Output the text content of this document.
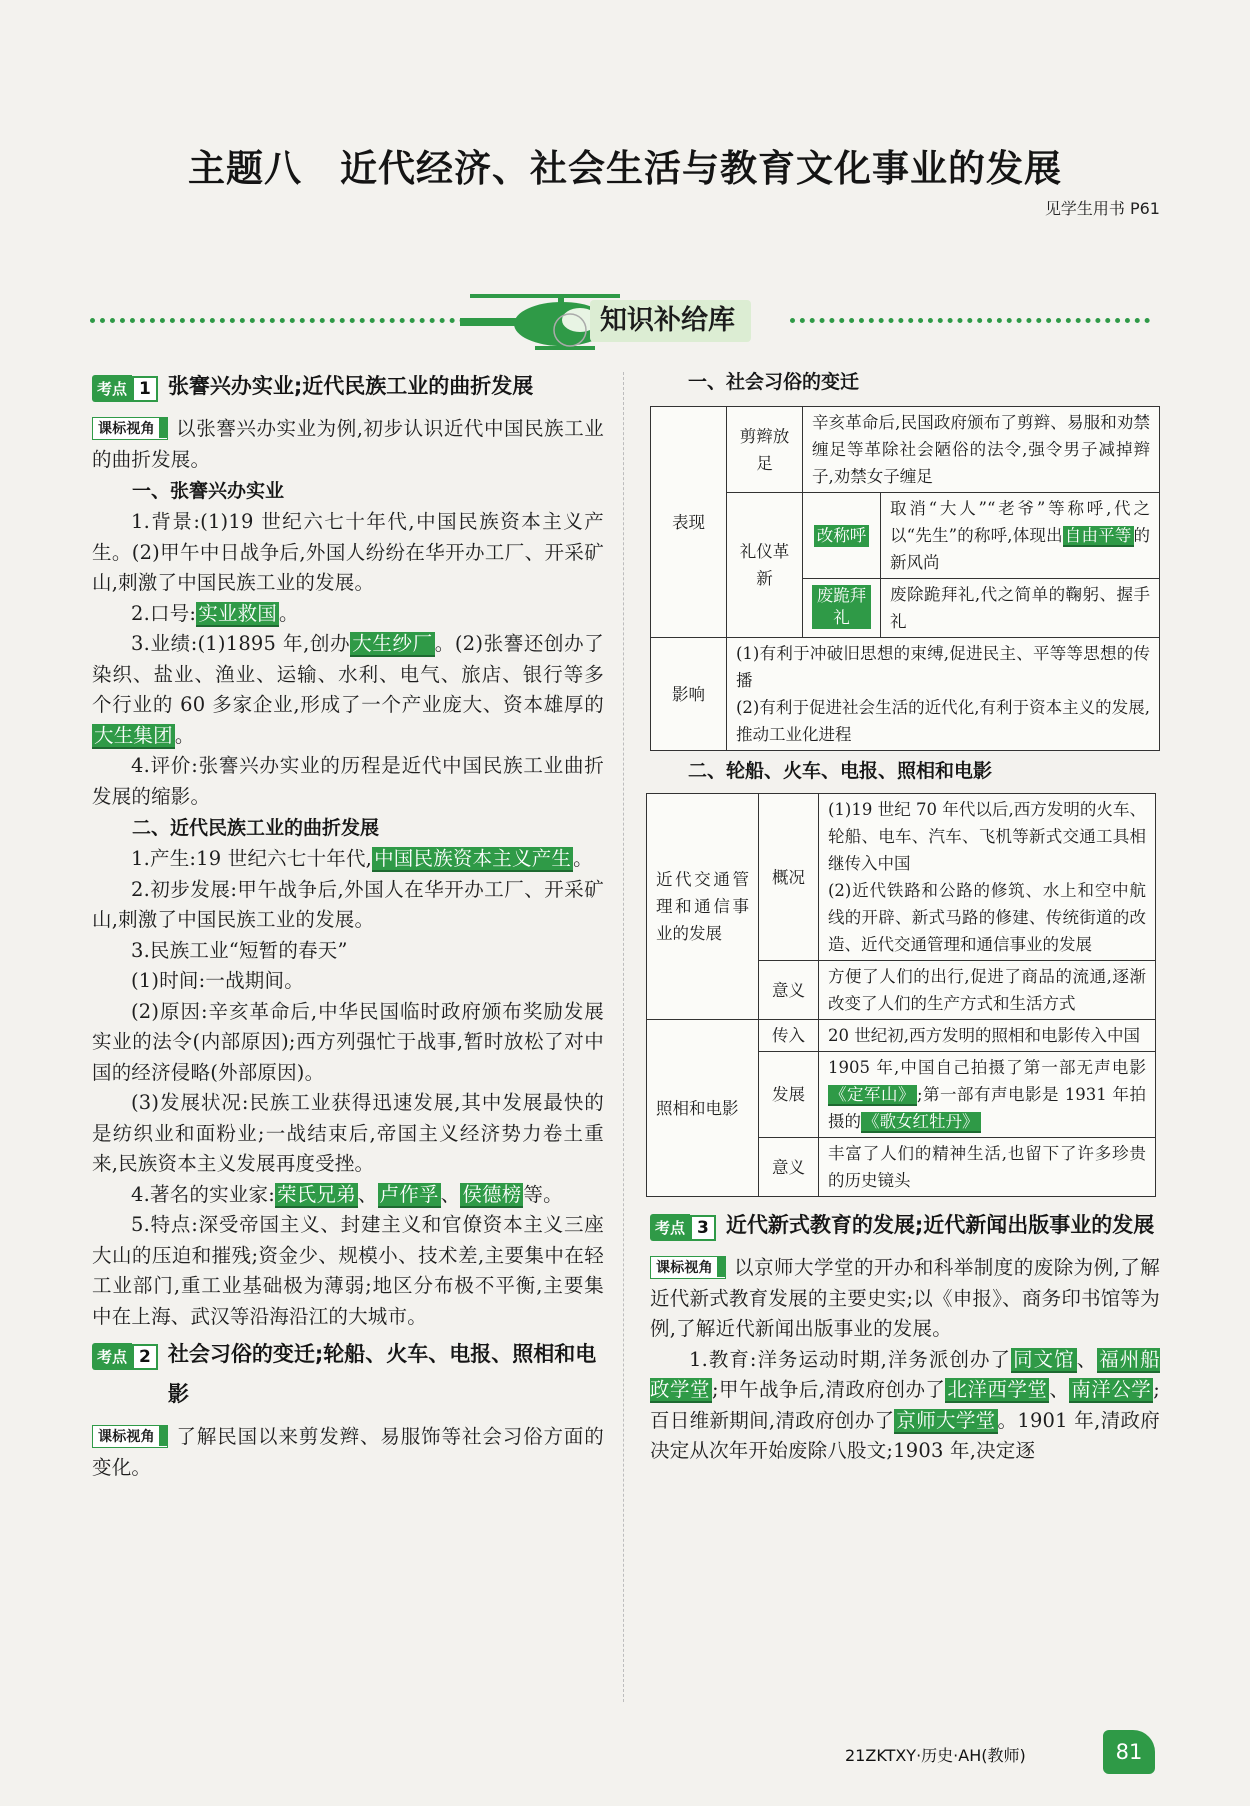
主题八　近代经济、社会生活与教育文化事业的发展
见学生用书 P61
知识补给库
考点 1 张謇兴办实业;近代民族工业的曲折发展

课标视角 以张謇兴办实业为例,初步认识近代中国民族工业的曲折发展。

一、张謇兴办实业

1.背景:(1)19 世纪六七十年代,中国民族资本主义产生。(2)甲午中日战争后,外国人纷纷在华开办工厂、开采矿山,刺激了中国民族工业的发展。

2.口号: 实业救国 。

3.业绩:(1)1895 年,创办 大生纱厂 。(2)张謇还创办了染织、盐业、渔业、运输、水利、电气、旅店、银行等多个行业的 60 多家企业,形成了一个产业庞大、资本雄厚的大生集团 。

4.评价:张謇兴办实业的历程是近代中国民族工业曲折发展的缩影。

二、近代民族工业的曲折发展

1.产生:19 世纪六七十年代, 中国民族资本主义产生 。

2.初步发展:甲午战争后,外国人在华开办工厂、开采矿山,刺激了中国民族工业的发展。

3.民族工业“短暂的春天”

(1)时间:一战期间。

(2)原因:辛亥革命后,中华民国临时政府颁布奖励发展实业的法令(内部原因);西方列强忙于战事,暂时放松了对中国的经济侵略(外部原因)。

(3)发展状况:民族工业获得迅速发展,其中发展最快的是纺织业和面粉业;一战结束后,帝国主义经济势力卷土重来,民族资本主义发展再度受挫。

4.著名的实业家: 荣氏兄弟 、 卢作孚 、 侯德榜 等。

5.特点:深受帝国主义、封建主义和官僚资本主义三座大山的压迫和摧残;资金少、规模小、技术差,主要集中在轻工业部门,重工业基础极为薄弱;地区分布极不平衡,主要集中在上海、武汉等沿海沿江的大城市。

考点 2 社会习俗的变迁;轮船、火车、电报、照相和电影

课标视角 了解民国以来剪发辫、易服饰等社会习俗方面的变化。

一、社会习俗的变迁
表现	剪辫放足	辛亥革命后,民国政府颁布了剪辫、易服和劝禁缠足等革除社会陋俗的法令,强令男子减掉辫子,劝禁女子缠足	
	礼仪革新	改称呼	取消“大人”“老爷”等称呼,代之以“先生”的称呼,体现出 自由平等 的新风尚
		废跪拜礼	废除跪拜礼,代之简单的鞠躬、握手礼
影响	(1)有利于冲破旧思想的束缚,促进民主、平等等思想的传播
(2)有利于促进社会生活的近代化,有利于资本主义的发展,推动工业化进程		
二、轮船、火车、电报、照相和电影
近代交通管理和通信事业的发展	概况	(1)19 世纪 70 年代以后,西方发明的火车、轮船、电车、汽车、飞机等新式交通工具相继传入中国
(2)近代铁路和公路的修筑、水上和空中航线的开辟、新式马路的修建、传统街道的改造、近代交通管理和通信事业的发展

	意义	方便了人们的出行,促进了商品的流通,逐渐改变了人们的生产方式和生活方式
照相和电影	传入	20 世纪初,西方发明的照相和电影传入中国
	发展	1905 年,中国自己拍摄了第一部无声电影《定军山》 ;第一部有声电影是 1931 年拍摄的 《歌女红牡丹》
	意义	丰富了人们的精神生活,也留下了许多珍贵的历史镜头
考点 3 近代新式教育的发展;近代新闻出版事业的发展

课标视角 以京师大学堂的开办和科举制度的废除为例,了解近代新式教育发展的主要史实;以《申报》、商务印书馆等为例,了解近代新闻出版事业的发展。

1.教育:洋务运动时期,洋务派创办了 同文馆 、 福州船政学堂 ;甲午战争后,清政府创办了 北洋西学堂 、 南洋公学 ;百日维新期间,清政府创办了 京师大学堂 。1901 年,清政府决定从次年开始废除八股文;1903 年,决定逐

21ZKTXY·历史·AH(教师)	81
